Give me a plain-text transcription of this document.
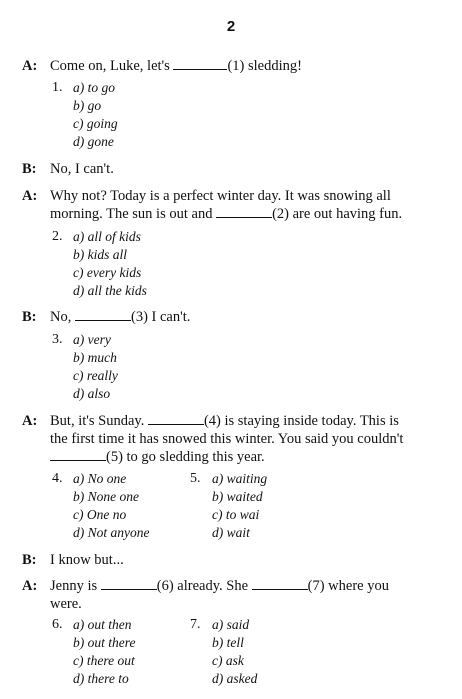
2
A: Come on, Luke, let's	(1) sledding!
1. a) to go
b) go
c) going
d) gone
B: No, I can't.
A: Why not? Today is a perfect winter day. It was snowing all
morning. The sun is out and	(2) are out having fun.
2. a) all of kids
b) kids all
c) every kids
d) all the kids
B: No,	(3) I can't.
3. a) very
b) much
c) really
d) also
A: But, it's Sunday.	(4) is staying inside today. This is
the first time it has snowed this winter. You said you couldn't
(5) to go sledding this year.
4. a) No one
b) None one
c) One no
d) Not anyone
5. a) waiting
b) waited
c) to wai
d) wait
B: I know but...
A: Jenny is	(6) already. She	(7) where you
were.
6. a) out then
b) out there
c) there out
d) there to
7. a) said
b) tell
c) ask
d) asked
